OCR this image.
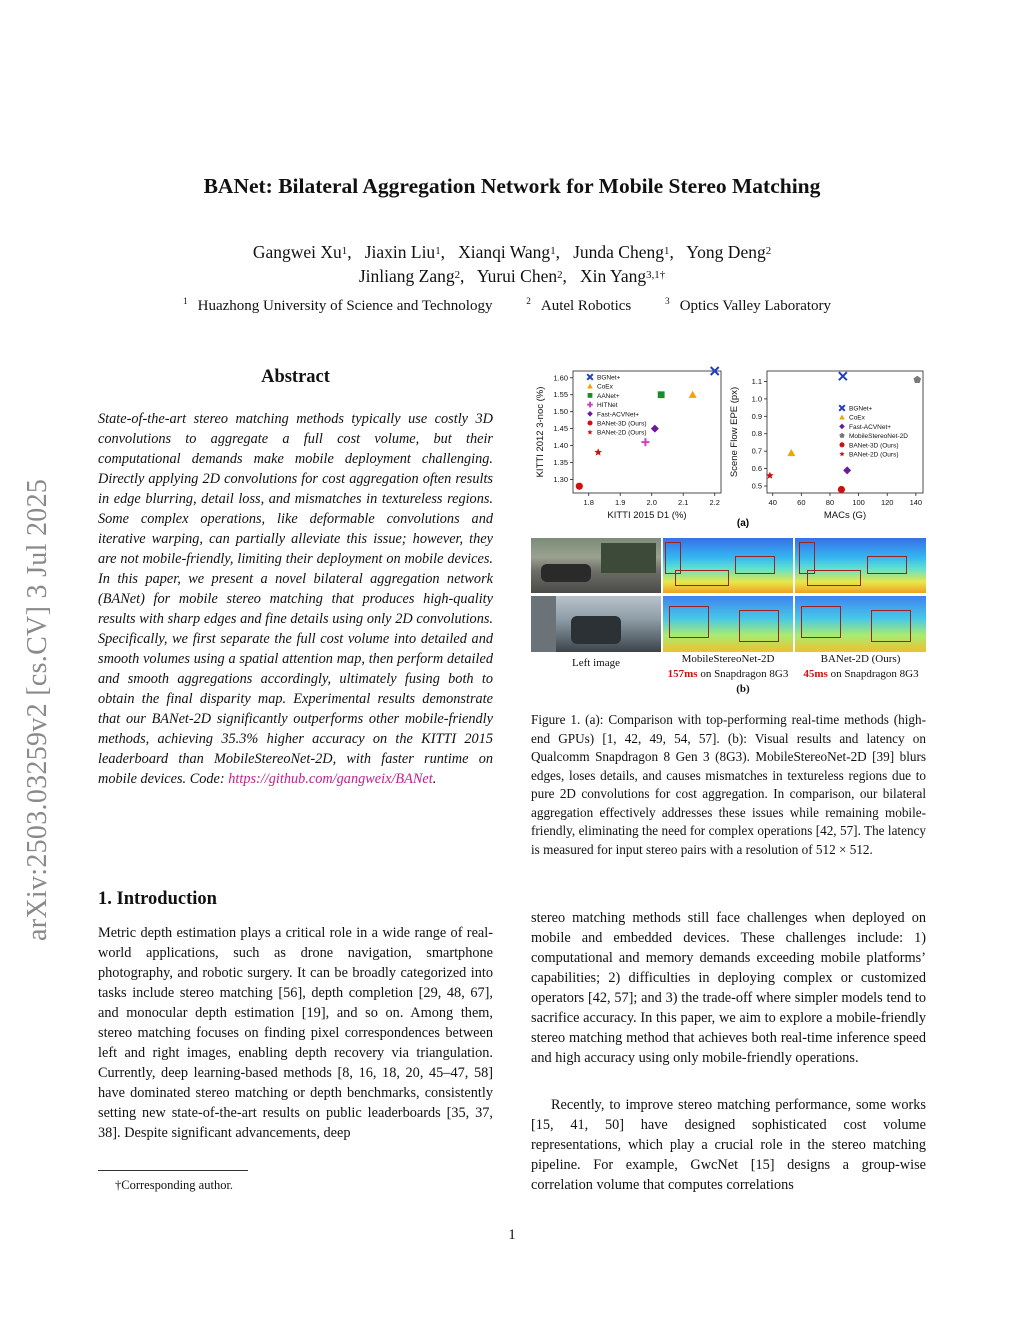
arXiv:2503.03259v2 [cs.CV] 3 Jul 2025
BANet: Bilateral Aggregation Network for Mobile Stereo Matching
Gangwei Xu$^1$,   Jiaxin Liu$^1$,   Xianqi Wang$^1$,   Junda Cheng$^1$,   Yong Deng$^2$
Jinliang Zang$^2$,   Yurui Chen$^2$,   Xin Yang$^{3,1\dagger}$
$^1$ Huazhong University of Science and Technology	$^2$ Autel Robotics	$^3$ Optics Valley Laboratory
Abstract
State-of-the-art stereo matching methods typically use costly 3D convolutions to aggregate a full cost volume, but their computational demands make mobile deployment challenging. Directly applying 2D convolutions for cost aggregation often results in edge blurring, detail loss, and mismatches in textureless regions. Some complex operations, like deformable convolutions and iterative warping, can partially alleviate this issue; however, they are not mobile-friendly, limiting their deployment on mobile devices. In this paper, we present a novel bilateral aggregation network (BANet) for mobile stereo matching that produces high-quality results with sharp edges and fine details using only 2D convolutions. Specifically, we first separate the full cost volume into detailed and smooth volumes using a spatial attention map, then perform detailed and smooth aggregations accordingly, ultimately fusing both to obtain the final disparity map. Experimental results demonstrate that our BANet-2D significantly outperforms other mobile-friendly methods, achieving 35.3% higher accuracy on the KITTI 2015 leaderboard than MobileStereoNet-2D, with faster runtime on mobile devices. Code: https://github.com/gangweix/BANet.
1. Introduction
Metric depth estimation plays a critical role in a wide range of real-world applications, such as drone navigation, smartphone photography, and robotic surgery. It can be broadly categorized into tasks include stereo matching [56], depth completion [29, 48, 67], and monocular depth estimation [19], and so on. Among them, stereo matching focuses on finding pixel correspondences between left and right images, enabling depth recovery via triangulation. Currently, deep learning-based methods [8, 16, 18, 20, 45–47, 58] have dominated stereo matching or depth benchmarks, consistently setting new state-of-the-art results on public leaderboards [35, 37, 38]. Despite significant advancements, deep
†Corresponding author.
stereo matching methods still face challenges when deployed on mobile and embedded devices. These challenges include: 1) computational and memory demands exceeding mobile platforms’ capabilities; 2) difficulties in deploying complex or customized operators [42, 57]; and 3) the trade-off where simpler models tend to sacrifice accuracy. In this paper, we aim to explore a mobile-friendly stereo matching method that achieves both real-time inference speed and high accuracy using only mobile-friendly operations.
Recently, to improve stereo matching performance, some works [15, 41, 50] have designed sophisticated cost volume representations, which play a crucial role in the stereo matching pipeline. For example, GwcNet [15] designs a group-wise correlation volume that computes correlations
1
1.8	1.9	2.0	2.1	2.2
1.60
1.55
1.50
1.45
1.40
1.35
1.30
KITTI 2015 D1 (%)
KITTI 2012 3-noc (%)
BGNet+
CoEx
AANet+
HITNet
Fast-ACVNet+
BANet-3D (Ours)
BANet-2D (Ours)
40	60	80 100 120 140
1.1
1.0
0.9
0.8
0.7
0.6
0.5
MACs (G)
Scene Flow EPE (px)	BGNet+
CoEx
Fast-ACVNet+
MobileStereoNet-2D
BANet-3D (Ours)
BANet-2D (Ours)
(a)
Left image	MobileStereoNet-2D	BANet-2D (Ours)
157ms on Snapdragon 8G3	45ms on Snapdragon 8G3
(b)
Figure 1. (a): Comparison with top-performing real-time methods (high-end GPUs) [1, 42, 49, 54, 57]. (b): Visual results and latency on Qualcomm Snapdragon 8 Gen 3 (8G3). MobileStereoNet-2D [39] blurs edges, loses details, and causes mismatches in textureless regions due to pure 2D convolutions for cost aggregation. In comparison, our bilateral aggregation effectively addresses these issues while remaining mobile-friendly, eliminating the need for complex operations [42, 57]. The latency is measured for input stereo pairs with a resolution of 512 × 512.
